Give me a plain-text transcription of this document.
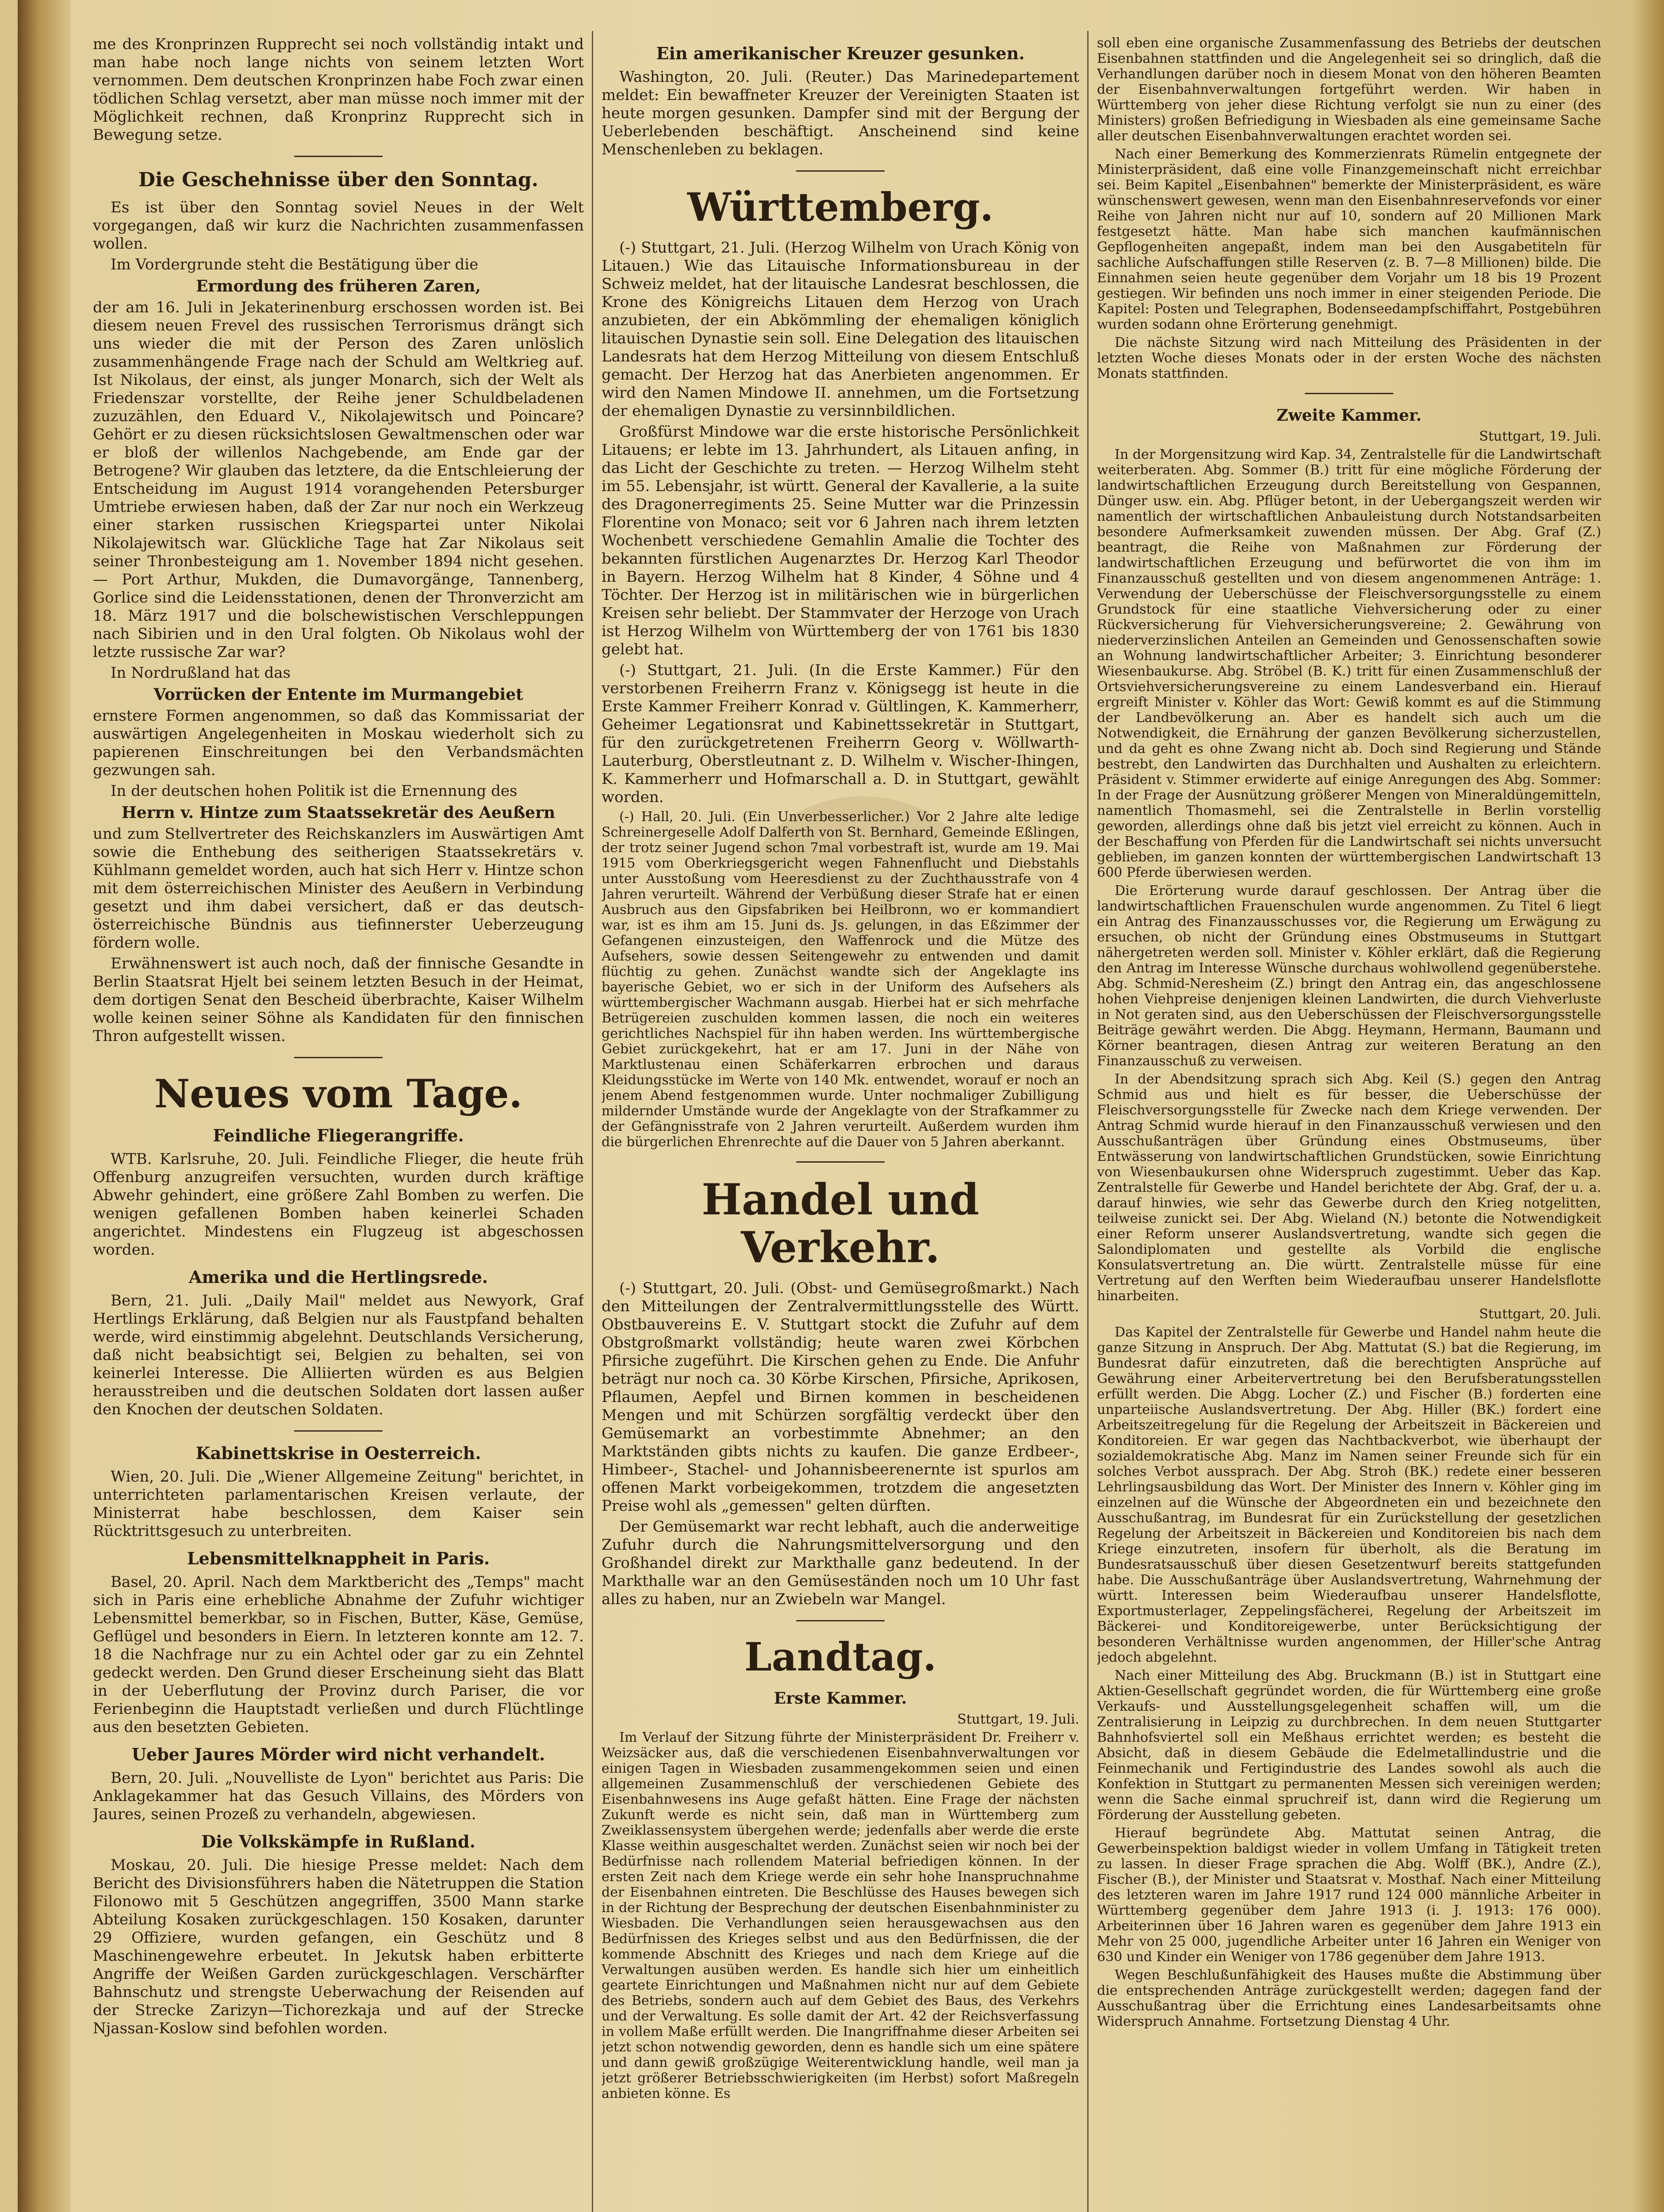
me des Kronprinzen Rupprecht sei noch vollständig intakt und man habe noch lange nichts von seinem letzten Wort vernommen. Dem deutschen Kronprinzen habe Foch zwar einen tödlichen Schlag versetzt, aber man müsse noch immer mit der Möglichkeit rechnen, daß Kronprinz Rupprecht sich in Bewegung setze.

Die Geschehnisse über den Sonntag.

Es ist über den Sonntag soviel Neues in der Welt vorgegangen, daß wir kurz die Nachrichten zusammenfassen wollen.

Im Vordergrunde steht die Bestätigung über die

Ermordung des früheren Zaren,

der am 16. Juli in Jekaterinenburg erschossen worden ist. Bei diesem neuen Frevel des russischen Terrorismus drängt sich uns wieder die mit der Person des Zaren unlöslich zusammenhängende Frage nach der Schuld am Weltkrieg auf. Ist Nikolaus, der einst, als junger Monarch, sich der Welt als Friedenszar vorstellte, der Reihe jener Schuldbeladenen zuzuzählen, den Eduard V., Nikolajewitsch und Poincare? Gehört er zu diesen rücksichtslosen Gewaltmenschen oder war er bloß der willenlos Nachgebende, am Ende gar der Betrogene? Wir glauben das letztere, da die Entschleierung der Entscheidung im August 1914 vorangehenden Petersburger Umtriebe erwiesen haben, daß der Zar nur noch ein Werkzeug einer starken russischen Kriegspartei unter Nikolai Nikolajewitsch war. Glückliche Tage hat Zar Nikolaus seit seiner Thronbesteigung am 1. November 1894 nicht gesehen. — Port Arthur, Mukden, die Dumavorgänge, Tannenberg, Gorlice sind die Leidensstationen, denen der Thronverzicht am 18. März 1917 und die bolschewistischen Verschleppungen nach Sibirien und in den Ural folgten. Ob Nikolaus wohl der letzte russische Zar war?

In Nordrußland hat das

Vorrücken der Entente im Murmangebiet

ernstere Formen angenommen, so daß das Kommissariat der auswärtigen Angelegenheiten in Moskau wiederholt sich zu papierenen Einschreitungen bei den Verbandsmächten gezwungen sah.

In der deutschen hohen Politik ist die Ernennung des

Herrn v. Hintze zum Staatssekretär des Aeußern

und zum Stellvertreter des Reichskanzlers im Auswärtigen Amt sowie die Enthebung des seitherigen Staatssekretärs v. Kühlmann gemeldet worden, auch hat sich Herr v. Hintze schon mit dem österreichischen Minister des Aeußern in Verbindung gesetzt und ihm dabei versichert, daß er das deutsch-österreichische Bündnis aus tiefinnerster Ueberzeugung fördern wolle.

Erwähnenswert ist auch noch, daß der finnische Gesandte in Berlin Staatsrat Hjelt bei seinem letzten Besuch in der Heimat, dem dortigen Senat den Bescheid überbrachte, Kaiser Wilhelm wolle keinen seiner Söhne als Kandidaten für den finnischen Thron aufgestellt wissen.

Neues vom Tage.
Feindliche Fliegerangriffe.

WTB. Karlsruhe, 20. Juli. Feindliche Flieger, die heute früh Offenburg anzugreifen versuchten, wurden durch kräftige Abwehr gehindert, eine größere Zahl Bomben zu werfen. Die wenigen gefallenen Bomben haben keinerlei Schaden angerichtet. Mindestens ein Flugzeug ist abgeschossen worden.

Amerika und die Hertlingsrede.

Bern, 21. Juli. „Daily Mail" meldet aus Newyork, Graf Hertlings Erklärung, daß Belgien nur als Faustpfand behalten werde, wird einstimmig abgelehnt. Deutschlands Versicherung, daß nicht beabsichtigt sei, Belgien zu behalten, sei von keinerlei Interesse. Die Alliierten würden es aus Belgien herausstreiben und die deutschen Soldaten dort lassen außer den Knochen der deutschen Soldaten.

Kabinettskrise in Oesterreich.

Wien, 20. Juli. Die „Wiener Allgemeine Zeitung" berichtet, in unterrichteten parlamentarischen Kreisen verlaute, der Ministerrat habe beschlossen, dem Kaiser sein Rücktrittsgesuch zu unterbreiten.

Lebensmittelknappheit in Paris.

Basel, 20. April. Nach dem Marktbericht des „Temps" macht sich in Paris eine erhebliche Abnahme der Zufuhr wichtiger Lebensmittel bemerkbar, so in Fischen, Butter, Käse, Gemüse, Geflügel und besonders in Eiern. In letzteren konnte am 12. 7. 18 die Nachfrage nur zu ein Achtel oder gar zu ein Zehntel gedeckt werden. Den Grund dieser Erscheinung sieht das Blatt in der Ueberflutung der Provinz durch Pariser, die vor Ferienbeginn die Hauptstadt verließen und durch Flüchtlinge aus den besetzten Gebieten.

Ueber Jaures Mörder wird nicht verhandelt.

Bern, 20. Juli. „Nouvelliste de Lyon" berichtet aus Paris: Die Anklagekammer hat das Gesuch Villains, des Mörders von Jaures, seinen Prozeß zu verhandeln, abgewiesen.

Die Volkskämpfe in Rußland.

Moskau, 20. Juli. Die hiesige Presse meldet: Nach dem Bericht des Divisionsführers haben die Nätetruppen die Station Filonowo mit 5 Geschützen angegriffen, 3500 Mann starke Abteilung Kosaken zurückgeschlagen. 150 Kosaken, darunter 29 Offiziere, wurden gefangen, ein Geschütz und 8 Maschinengewehre erbeutet. In Jekutsk haben erbitterte Angriffe der Weißen Garden zurückgeschlagen. Verschärfter Bahnschutz und strengste Ueberwachung der Reisenden auf der Strecke Zarizyn—Tichorezkaja und auf der Strecke Njassan-Koslow sind befohlen worden.

Ein amerikanischer Kreuzer gesunken.

Washington, 20. Juli. (Reuter.) Das Marinedepartement meldet: Ein bewaffneter Kreuzer der Vereinigten Staaten ist heute morgen gesunken. Dampfer sind mit der Bergung der Ueberlebenden beschäftigt. Anscheinend sind keine Menschenleben zu beklagen.

Württemberg.

(-) Stuttgart, 21. Juli. (Herzog Wilhelm von Urach König von Litauen.) Wie das Litauische Informationsbureau in der Schweiz meldet, hat der litauische Landesrat beschlossen, die Krone des Königreichs Litauen dem Herzog von Urach anzubieten, der ein Abkömmling der ehemaligen königlich litauischen Dynastie sein soll. Eine Delegation des litauischen Landesrats hat dem Herzog Mitteilung von diesem Entschluß gemacht. Der Herzog hat das Anerbieten angenommen. Er wird den Namen Mindowe II. annehmen, um die Fortsetzung der ehemaligen Dynastie zu versinnbildlichen.

Großfürst Mindowe war die erste historische Persönlichkeit Litauens; er lebte im 13. Jahrhundert, als Litauen anfing, in das Licht der Geschichte zu treten. — Herzog Wilhelm steht im 55. Lebensjahr, ist württ. General der Kavallerie, a la suite des Dragonerregiments 25. Seine Mutter war die Prinzessin Florentine von Monaco; seit vor 6 Jahren nach ihrem letzten Wochenbett verschiedene Gemahlin Amalie die Tochter des bekannten fürstlichen Augenarztes Dr. Herzog Karl Theodor in Bayern. Herzog Wilhelm hat 8 Kinder, 4 Söhne und 4 Töchter. Der Herzog ist in militärischen wie in bürgerlichen Kreisen sehr beliebt. Der Stammvater der Herzoge von Urach ist Herzog Wilhelm von Württemberg der von 1761 bis 1830 gelebt hat.

(-) Stuttgart, 21. Juli. (In die Erste Kammer.) Für den verstorbenen Freiherrn Franz v. Königsegg ist heute in die Erste Kammer Freiherr Konrad v. Gültlingen, K. Kammerherr, Geheimer Legationsrat und Kabinettssekretär in Stuttgart, für den zurückgetretenen Freiherrn Georg v. Wöllwarth-Lauterburg, Oberstleutnant z. D. Wilhelm v. Wischer-Ihingen, K. Kammerherr und Hofmarschall a. D. in Stuttgart, gewählt worden.

(-) Hall, 20. Juli. (Ein Unverbesserlicher.) Vor 2 Jahre alte ledige Schreinergeselle Adolf Dalferth von St. Bernhard, Gemeinde Eßlingen, der trotz seiner Jugend schon 7mal vorbestraft ist, wurde am 19. Mai 1915 vom Oberkriegsgericht wegen Fahnenflucht und Diebstahls unter Ausstoßung vom Heeresdienst zu der Zuchthausstrafe von 4 Jahren verurteilt. Während der Verbüßung dieser Strafe hat er einen Ausbruch aus den Gipsfabriken bei Heilbronn, wo er kommandiert war, ist es ihm am 15. Juni ds. Js. gelungen, in das Eßzimmer der Gefangenen einzusteigen, den Waffenrock und die Mütze des Aufsehers, sowie dessen Seitengewehr zu entwenden und damit flüchtig zu gehen. Zunächst wandte sich der Angeklagte ins bayerische Gebiet, wo er sich in der Uniform des Aufsehers als württembergischer Wachmann ausgab. Hierbei hat er sich mehrfache Betrügereien zuschulden kommen lassen, die noch ein weiteres gerichtliches Nachspiel für ihn haben werden. Ins württembergische Gebiet zurückgekehrt, hat er am 17. Juni in der Nähe von Marktlustenau einen Schäferkarren erbrochen und daraus Kleidungsstücke im Werte von 140 Mk. entwendet, worauf er noch an jenem Abend festgenommen wurde. Unter nochmaliger Zubilligung mildernder Umstände wurde der Angeklagte von der Strafkammer zu der Gefängnisstrafe von 2 Jahren verurteilt. Außerdem wurden ihm die bürgerlichen Ehrenrechte auf die Dauer von 5 Jahren aberkannt.

Handel und Verkehr.

(-) Stuttgart, 20. Juli. (Obst- und Gemüsegroßmarkt.) Nach den Mitteilungen der Zentralvermittlungsstelle des Württ. Obstbauvereins E. V. Stuttgart stockt die Zufuhr auf dem Obstgroßmarkt vollständig; heute waren zwei Körbchen Pfirsiche zugeführt. Die Kirschen gehen zu Ende. Die Anfuhr beträgt nur noch ca. 30 Körbe Kirschen, Pfirsiche, Aprikosen, Pflaumen, Aepfel und Birnen kommen in bescheidenen Mengen und mit Schürzen sorgfältig verdeckt über den Gemüsemarkt an vorbestimmte Abnehmer; an den Marktständen gibts nichts zu kaufen. Die ganze Erdbeer-, Himbeer-, Stachel- und Johannisbeerenernte ist spurlos am offenen Markt vorbeigekommen, trotzdem die angesetzten Preise wohl als „gemessen" gelten dürften.

Der Gemüsemarkt war recht lebhaft, auch die anderweitige Zufuhr durch die Nahrungsmittelversorgung und den Großhandel direkt zur Markthalle ganz bedeutend. In der Markthalle war an den Gemüseständen noch um 10 Uhr fast alles zu haben, nur an Zwiebeln war Mangel.

Landtag.
Erste Kammer.

Stuttgart, 19. Juli.

Im Verlauf der Sitzung führte der Ministerpräsident Dr. Freiherr v. Weizsäcker aus, daß die verschiedenen Eisenbahnverwaltungen vor einigen Tagen in Wiesbaden zusammengekommen seien und einen allgemeinen Zusammenschluß der verschiedenen Gebiete des Eisenbahnwesens ins Auge gefaßt hätten. Eine Frage der nächsten Zukunft werde es nicht sein, daß man in Württemberg zum Zweiklassensystem übergehen werde; jedenfalls aber werde die erste Klasse weithin ausgeschaltet werden. Zunächst seien wir noch bei der Bedürfnisse nach rollendem Material befriedigen können. In der ersten Zeit nach dem Kriege werde ein sehr hohe Inanspruchnahme der Eisenbahnen eintreten. Die Beschlüsse des Hauses bewegen sich in der Richtung der Besprechung der deutschen Eisenbahnminister zu Wiesbaden. Die Verhandlungen seien herausgewachsen aus den Bedürfnissen des Krieges selbst und aus den Bedürfnissen, die der kommende Abschnitt des Krieges und nach dem Kriege auf die Verwaltungen ausüben werden. Es handle sich hier um einheitlich geartete Einrichtungen und Maßnahmen nicht nur auf dem Gebiete des Betriebs, sondern auch auf dem Gebiet des Baus, des Verkehrs und der Verwaltung. Es solle damit der Art. 42 der Reichsverfassung in vollem Maße erfüllt werden. Die Inangriffnahme dieser Arbeiten sei jetzt schon notwendig geworden, denn es handle sich um eine spätere und dann gewiß großzügige Weiterentwicklung handle, weil man ja jetzt größerer Betriebsschwierigkeiten (im Herbst) sofort Maßregeln anbieten könne. Es

soll eben eine organische Zusammenfassung des Betriebs der deutschen Eisenbahnen stattfinden und die Angelegenheit sei so dringlich, daß die Verhandlungen darüber noch in diesem Monat von den höheren Beamten der Eisenbahnverwaltungen fortgeführt werden. Wir haben in Württemberg von jeher diese Richtung verfolgt sie nun zu einer (des Ministers) großen Befriedigung in Wiesbaden als eine gemeinsame Sache aller deutschen Eisenbahnverwaltungen erachtet worden sei.

Nach einer Bemerkung des Kommerzienrats Rümelin entgegnete der Ministerpräsident, daß eine volle Finanzgemeinschaft nicht erreichbar sei. Beim Kapitel „Eisenbahnen" bemerkte der Ministerpräsident, es wäre wünschenswert gewesen, wenn man den Eisenbahnreservefonds vor einer Reihe von Jahren nicht nur auf 10, sondern auf 20 Millionen Mark festgesetzt hätte. Man habe sich manchen kaufmännischen Gepflogenheiten angepaßt, indem man bei den Ausgabetiteln für sachliche Aufschaffungen stille Reserven (z. B. 7—8 Millionen) bilde. Die Einnahmen seien heute gegenüber dem Vorjahr um 18 bis 19 Prozent gestiegen. Wir befinden uns noch immer in einer steigenden Periode. Die Kapitel: Posten und Telegraphen, Bodenseedampfschiffahrt, Postgebühren wurden sodann ohne Erörterung genehmigt.

Die nächste Sitzung wird nach Mitteilung des Präsidenten in der letzten Woche dieses Monats oder in der ersten Woche des nächsten Monats stattfinden.

Zweite Kammer.

Stuttgart, 19. Juli.

In der Morgensitzung wird Kap. 34, Zentralstelle für die Landwirtschaft weiterberaten. Abg. Sommer (B.) tritt für eine mögliche Förderung der landwirtschaftlichen Erzeugung durch Bereitstellung von Gespannen, Dünger usw. ein. Abg. Pflüger betont, in der Uebergangszeit werden wir namentlich der wirtschaftlichen Anbauleistung durch Notstandsarbeiten besondere Aufmerksamkeit zuwenden müssen. Der Abg. Graf (Z.) beantragt, die Reihe von Maßnahmen zur Förderung der landwirtschaftlichen Erzeugung und befürwortet die von ihm im Finanzausschuß gestellten und von diesem angenommenen Anträge: 1. Verwendung der Ueberschüsse der Fleischversorgungsstelle zu einem Grundstock für eine staatliche Viehversicherung oder zu einer Rückversicherung für Viehversicherungsvereine; 2. Gewährung von niederverzinslichen Anteilen an Gemeinden und Genossenschaften sowie an Wohnung landwirtschaftlicher Arbeiter; 3. Einrichtung besonderer Wiesenbaukurse. Abg. Ströbel (B. K.) tritt für einen Zusammenschluß der Ortsviehversicherungsvereine zu einem Landesverband ein. Hierauf ergreift Minister v. Köhler das Wort: Gewiß kommt es auf die Stimmung der Landbevölkerung an. Aber es handelt sich auch um die Notwendigkeit, die Ernährung der ganzen Bevölkerung sicherzustellen, und da geht es ohne Zwang nicht ab. Doch sind Regierung und Stände bestrebt, den Landwirten das Durchhalten und Aushalten zu erleichtern. Präsident v. Stimmer erwiderte auf einige Anregungen des Abg. Sommer: In der Frage der Ausnützung größerer Mengen von Mineraldüngemitteln, namentlich Thomasmehl, sei die Zentralstelle in Berlin vorstellig geworden, allerdings ohne daß bis jetzt viel erreicht zu können. Auch in der Beschaffung von Pferden für die Landwirtschaft sei nichts unversucht geblieben, im ganzen konnten der württembergischen Landwirtschaft 13 600 Pferde überwiesen werden.

Die Erörterung wurde darauf geschlossen. Der Antrag über die landwirtschaftlichen Frauenschulen wurde angenommen. Zu Titel 6 liegt ein Antrag des Finanzausschusses vor, die Regierung um Erwägung zu ersuchen, ob nicht der Gründung eines Obstmuseums in Stuttgart nähergetreten werden soll. Minister v. Köhler erklärt, daß die Regierung den Antrag im Interesse Wünsche durchaus wohlwollend gegenüberstehe. Abg. Schmid-Neresheim (Z.) bringt den Antrag ein, das angeschlossene hohen Viehpreise denjenigen kleinen Landwirten, die durch Viehverluste in Not geraten sind, aus den Ueberschüssen der Fleischversorgungsstelle Beiträge gewährt werden. Die Abgg. Heymann, Hermann, Baumann und Körner beantragen, diesen Antrag zur weiteren Beratung an den Finanzausschuß zu verweisen.

In der Abendsitzung sprach sich Abg. Keil (S.) gegen den Antrag Schmid aus und hielt es für besser, die Ueberschüsse der Fleischversorgungsstelle für Zwecke nach dem Kriege verwenden. Der Antrag Schmid wurde hierauf in den Finanzausschuß verwiesen und den Ausschußanträgen über Gründung eines Obstmuseums, über Entwässerung von landwirtschaftlichen Grundstücken, sowie Einrichtung von Wiesenbaukursen ohne Widerspruch zugestimmt. Ueber das Kap. Zentralstelle für Gewerbe und Handel berichtete der Abg. Graf, der u. a. darauf hinwies, wie sehr das Gewerbe durch den Krieg notgelitten, teilweise zunickt sei. Der Abg. Wieland (N.) betonte die Notwendigkeit einer Reform unserer Auslandsvertretung, wandte sich gegen die Salondiplomaten und gestellte als Vorbild die englische Konsulatsvertretung an. Die württ. Zentralstelle müsse für eine Vertretung auf den Werften beim Wiederaufbau unserer Handelsflotte hinarbeiten.

Stuttgart, 20. Juli.

Das Kapitel der Zentralstelle für Gewerbe und Handel nahm heute die ganze Sitzung in Anspruch. Der Abg. Mattutat (S.) bat die Regierung, im Bundesrat dafür einzutreten, daß die berechtigten Ansprüche auf Gewährung einer Arbeitervertretung bei den Berufsberatungsstellen erfüllt werden. Die Abgg. Locher (Z.) und Fischer (B.) forderten eine unparteiische Auslandsvertretung. Der Abg. Hiller (BK.) fordert eine Arbeitszeitregelung für die Regelung der Arbeitszeit in Bäckereien und Konditoreien. Er war gegen das Nachtbackverbot, wie überhaupt der sozialdemokratische Abg. Manz im Namen seiner Freunde sich für ein solches Verbot aussprach. Der Abg. Stroh (BK.) redete einer besseren Lehrlingsausbildung das Wort. Der Minister des Innern v. Köhler ging im einzelnen auf die Wünsche der Abgeordneten ein und bezeichnete den Ausschußantrag, im Bundesrat für ein Zurückstellung der gesetzlichen Regelung der Arbeitszeit in Bäckereien und Konditoreien bis nach dem Kriege einzutreten, insofern für überholt, als die Beratung im Bundesratsausschuß über diesen Gesetzentwurf bereits stattgefunden habe. Die Ausschußanträge über Auslandsvertretung, Wahrnehmung der württ. Interessen beim Wiederaufbau unserer Handelsflotte, Exportmusterlager, Zeppelingsfächerei, Regelung der Arbeitszeit im Bäckerei- und Konditoreigewerbe, unter Berücksichtigung der besonderen Verhältnisse wurden angenommen, der Hiller'sche Antrag jedoch abgelehnt.

Nach einer Mitteilung des Abg. Bruckmann (B.) ist in Stuttgart eine Aktien-Gesellschaft gegründet worden, die für Württemberg eine große Verkaufs- und Ausstellungsgelegenheit schaffen will, um die Zentralisierung in Leipzig zu durchbrechen. In dem neuen Stuttgarter Bahnhofsviertel soll ein Meßhaus errichtet werden; es besteht die Absicht, daß in diesem Gebäude die Edelmetallindustrie und die Feinmechanik und Fertigindustrie des Landes sowohl als auch die Konfektion in Stuttgart zu permanenten Messen sich vereinigen werden; wenn die Sache einmal spruchreif ist, dann wird die Regierung um Förderung der Ausstellung gebeten.

Hierauf begründete Abg. Mattutat seinen Antrag, die Gewerbeinspektion baldigst wieder in vollem Umfang in Tätigkeit treten zu lassen. In dieser Frage sprachen die Abg. Wolff (BK.), Andre (Z.), Fischer (B.), der Minister und Staatsrat v. Mosthaf. Nach einer Mitteilung des letzteren waren im Jahre 1917 rund 124 000 männliche Arbeiter in Württemberg gegenüber dem Jahre 1913 (i. J. 1913: 176 000). Arbeiterinnen über 16 Jahren waren es gegenüber dem Jahre 1913 ein Mehr von 25 000, jugendliche Arbeiter unter 16 Jahren ein Weniger von 630 und Kinder ein Weniger von 1786 gegenüber dem Jahre 1913.

Wegen Beschlußunfähigkeit des Hauses mußte die Abstimmung über die entsprechenden Anträge zurückgestellt werden; dagegen fand der Ausschußantrag über die Errichtung eines Landesarbeitsamts ohne Widerspruch Annahme. Fortsetzung Dienstag 4 Uhr.
